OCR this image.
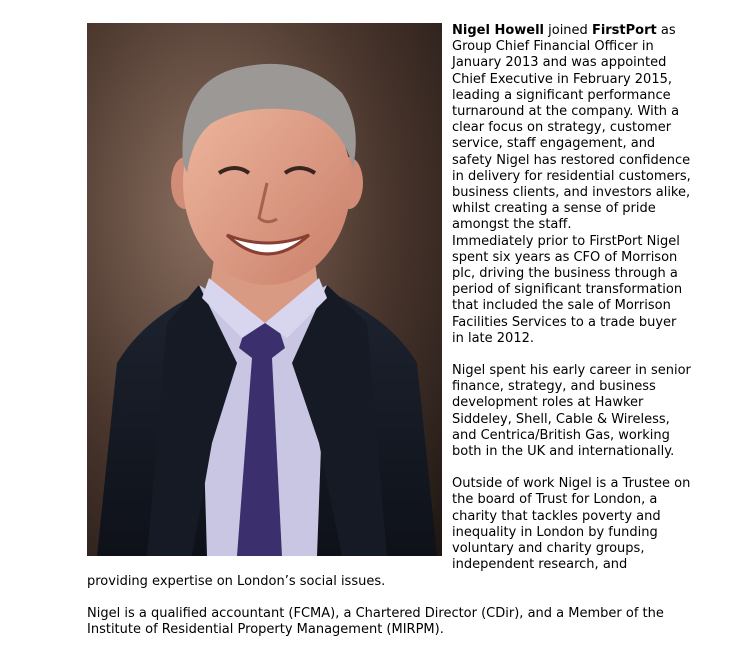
Nigel Howell joined FirstPort as Group Chief Financial Officer in January 2013 and was appointed Chief Executive in February 2015, leading a significant performance turnaround at the company. With a clear focus on strategy, customer service, staff engagement, and safety Nigel has restored confidence in delivery for residential customers, business clients, and investors alike, whilst creating a sense of pride amongst the staff.

Immediately prior to FirstPort Nigel spent six years as CFO of Morrison plc, driving the business through a period of significant transformation that included the sale of Morrison Facilities Services to a trade buyer in late 2012.

Nigel spent his early career in senior finance, strategy, and business development roles at Hawker Siddeley, Shell, Cable & Wireless, and Centrica/British Gas, working both in the UK and internationally.

Outside of work Nigel is a Trustee on the board of Trust for London, a charity that tackles poverty and inequality in London by funding voluntary and charity groups, independent research, and providing expertise on London’s social issues.

Nigel is a qualified accountant (FCMA), a Chartered Director (CDir), and a Member of the Institute of Residential Property Management (MIRPM).
